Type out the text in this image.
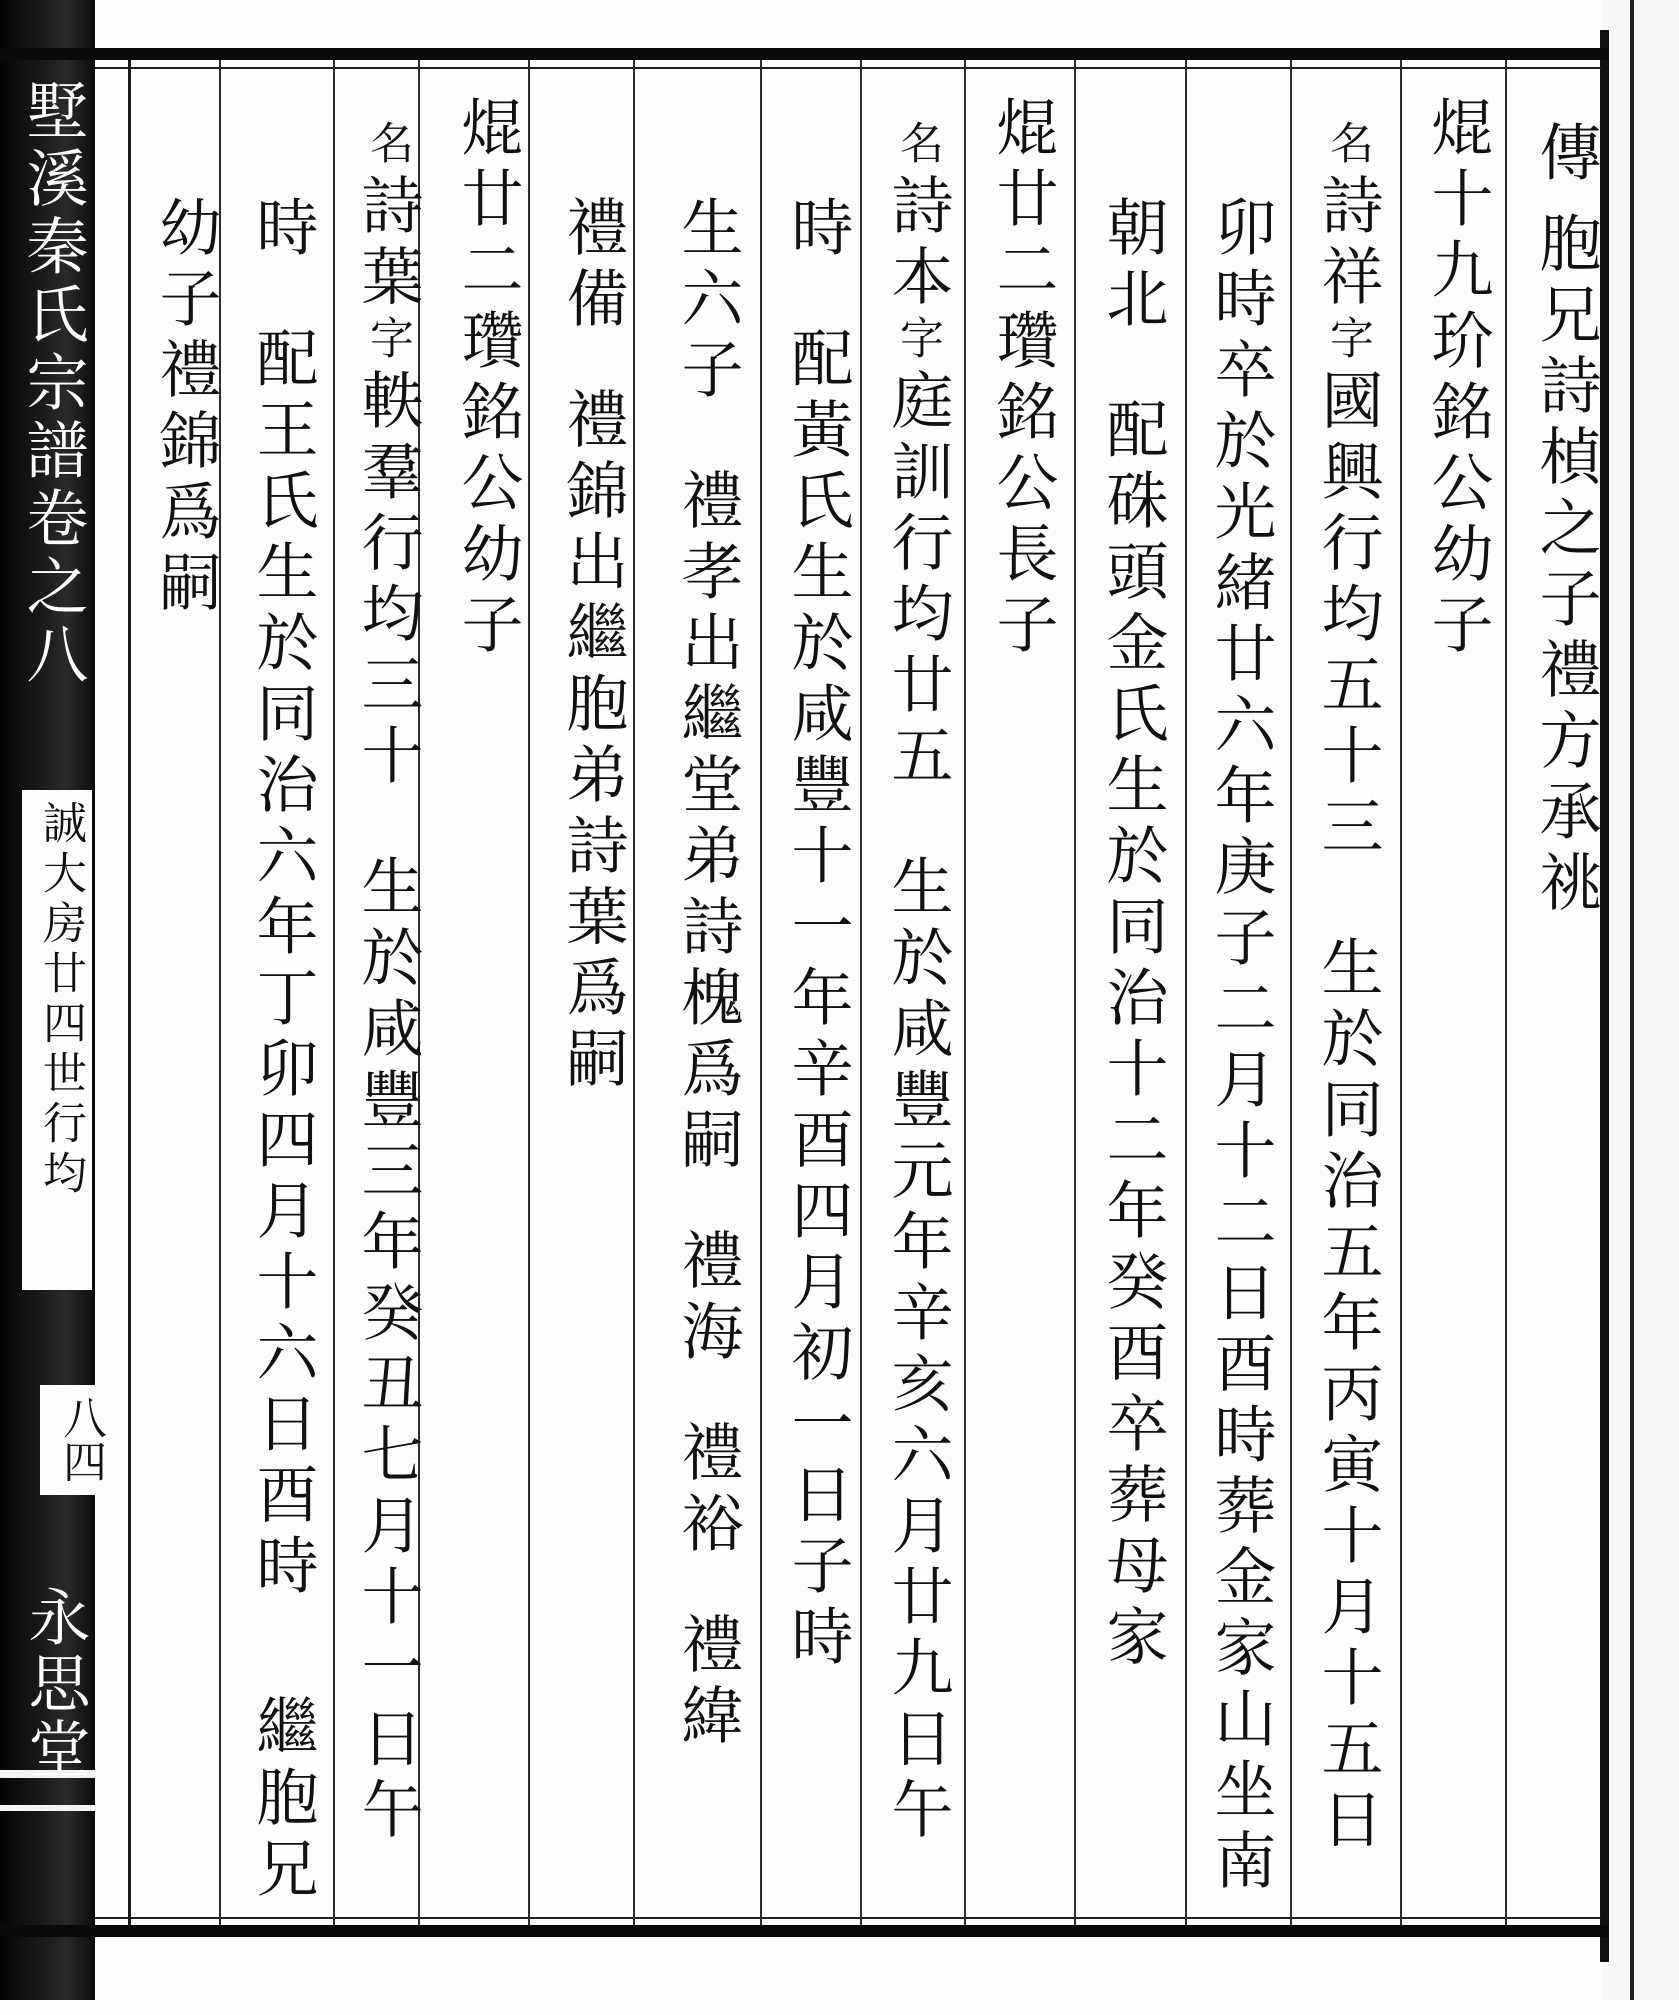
墅溪秦氏宗譜卷之八
誠大房廿四世行均
八四
永思堂
傳胞兄詩楨之子禮方承祧
焜十九玠銘公幼子
名詩祥字國興行均五十三生於同治五年丙寅十月十五日
卯時卒於光緒廿六年庚子二月十二日酉時葬金家山坐南
朝北配硃頭金氏生於同治十二年癸酉卒葬母家
焜廿二瓚銘公長子
名詩本字庭訓行均廿五生於咸豐元年辛亥六月廿九日午
時配黃氏生於咸豐十一年辛酉四月初一日子時
生六子禮孝出繼堂弟詩槐爲嗣禮海禮裕禮緯
禮備禮錦出繼胞弟詩葉爲嗣
焜廿二瓚銘公幼子
名詩葉字軼羣行均三十生於咸豐三年癸丑七月十一日午
時配王氏生於同治六年丁卯四月十六日酉時繼胞兄
幼子禮錦爲嗣
